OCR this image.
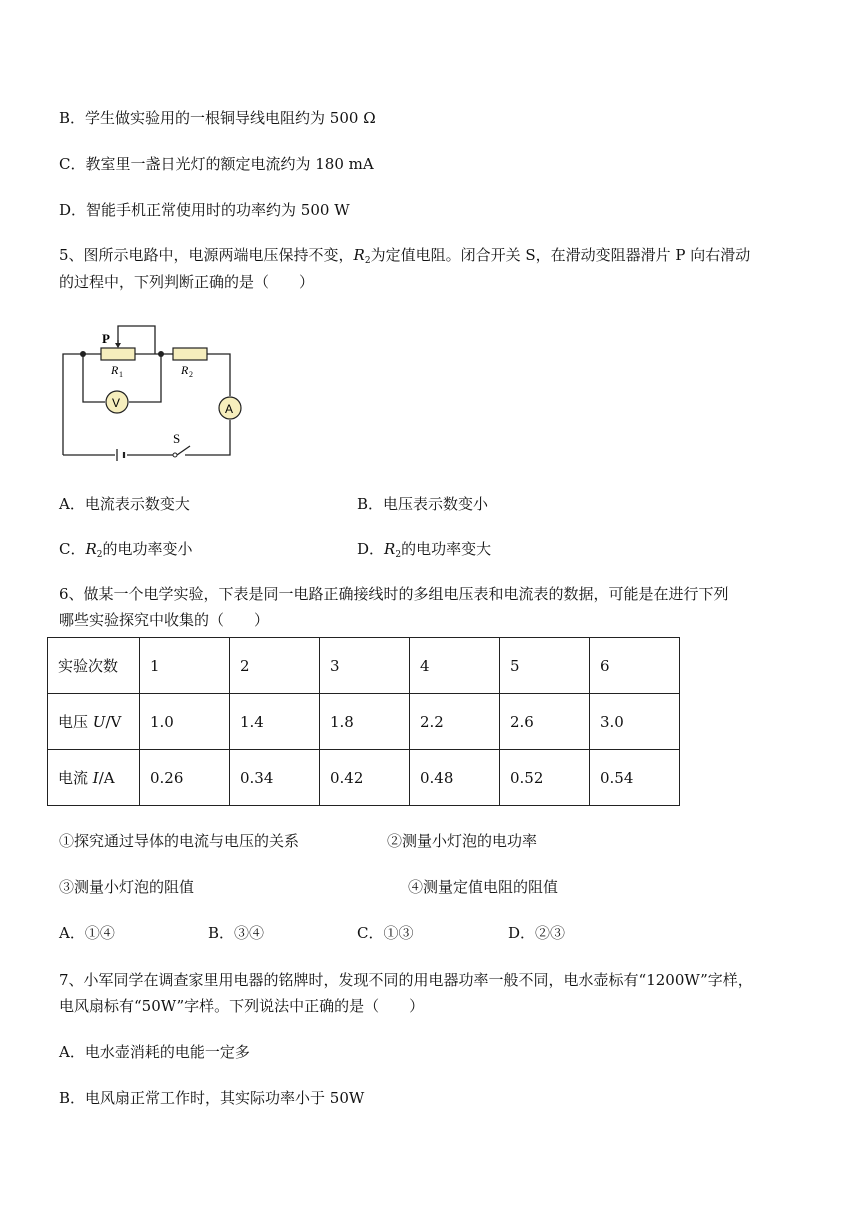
B．学生做实验用的一根铜导线电阻约为 500 Ω
C．教室里一盏日光灯的额定电流约为 180 mA
D．智能手机正常使用时的功率约为 500 W
5、图所示电路中，电源两端电压保持不变，$R_2$为定值电阻。闭合开关 S，在滑动变阻器滑片 P 向右滑动
的过程中，下列判断正确的是（　　）
P
R 1	R 2
V	A
S
A．电流表示数变大	B．电压表示数变小
C．$R_2$的电功率变小	D．$R_2$的电功率变大
6、做某一个电学实验，下表是同一电路正确接线时的多组电压表和电流表的数据，可能是在进行下列
哪些实验探究中收集的（　　）
实验次数	1	2	3	4	5	6
电压 U/V	1.0	1.4	1.8	2.2	2.6	3.0
电流 I/A	0.26	0.34	0.42	0.48	0.52	0.54
①探究通过导体的电流与电压的关系	②测量小灯泡的电功率
③测量小灯泡的阻值	④测量定值电阻的阻值
A．①④	B．③④	C．①③	D．②③
7、小军同学在调查家里用电器的铭牌时，发现不同的用电器功率一般不同，电水壶标有“1200W”字样，
电风扇标有“50W”字样。下列说法中正确的是（　　）
A．电水壶消耗的电能一定多
B．电风扇正常工作时，其实际功率小于 50W
